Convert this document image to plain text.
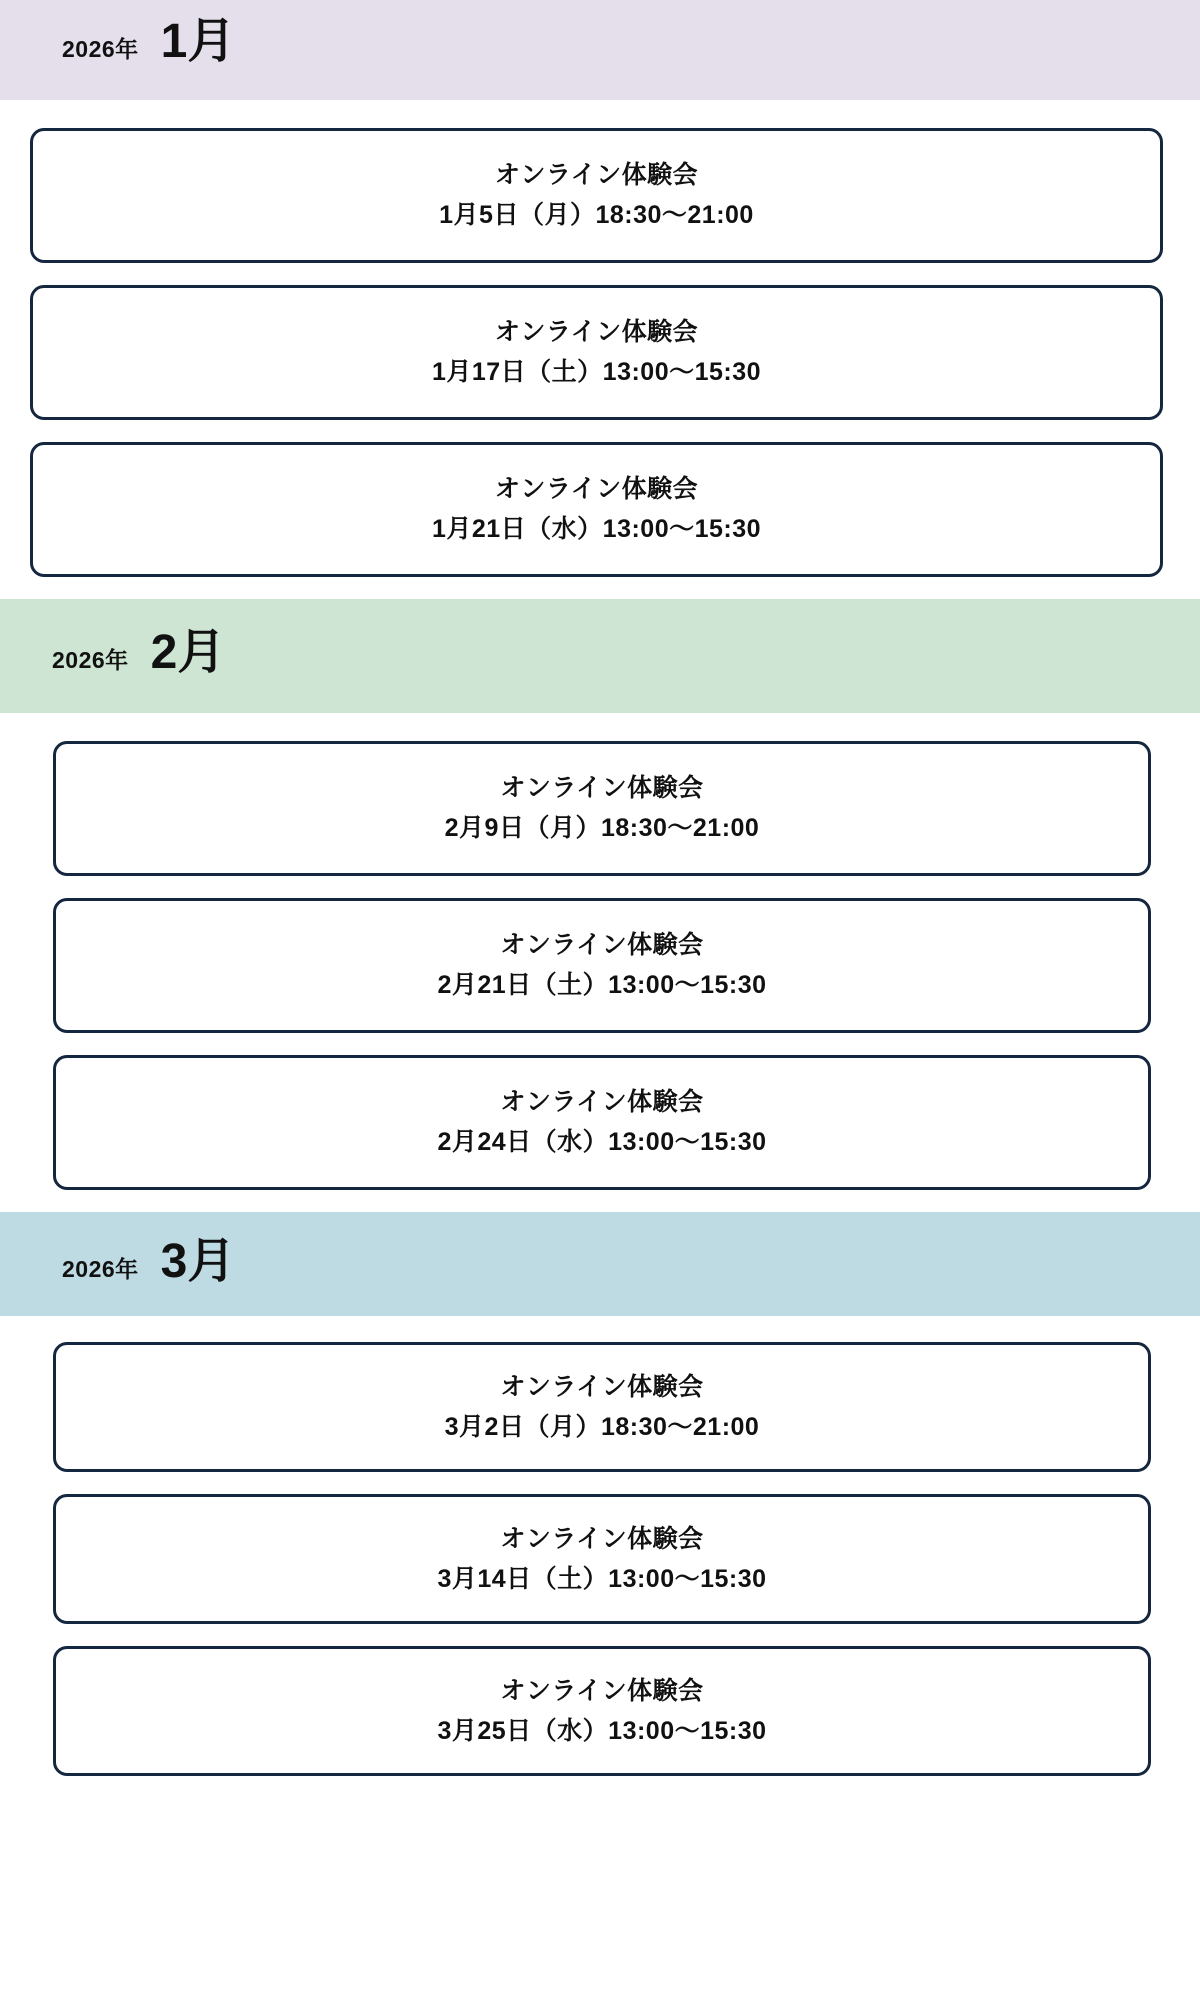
2026年 1月
オンライン体験会
1月5日（月）18:30〜21:00
オンライン体験会
1月17日（土）13:00〜15:30
オンライン体験会
1月21日（水）13:00〜15:30
2026年 2月
オンライン体験会
2月9日（月）18:30〜21:00
オンライン体験会
2月21日（土）13:00〜15:30
オンライン体験会
2月24日（水）13:00〜15:30
2026年 3月
オンライン体験会
3月2日（月）18:30〜21:00
オンライン体験会
3月14日（土）13:00〜15:30
オンライン体験会
3月25日（水）13:00〜15:30
